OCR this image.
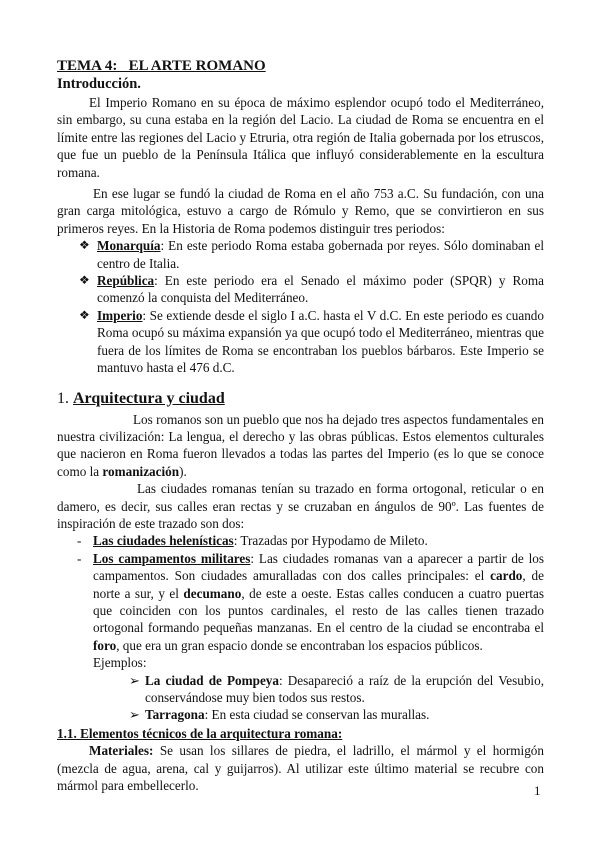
TEMA 4:   EL ARTE ROMANO
Introducción.

El Imperio Romano en su época de máximo esplendor ocupó todo el Mediterráneo, sin embargo, su cuna estaba en la región del Lacio. La ciudad de Roma se encuentra en el límite entre las regiones del Lacio y Etruria, otra región de Italia gobernada por los etruscos, que fue un pueblo de la Península Itálica que influyó considerablemente en la escultura romana.

En ese lugar se fundó la ciudad de Roma en el año 753 a.C. Su fundación, con una gran carga mitológica, estuvo a cargo de Rómulo y Remo, que se convirtieron en sus primeros reyes. En la Historia de Roma podemos distinguir tres periodos:

❖ Monarquía: En este periodo Roma estaba gobernada por reyes. Sólo dominaban el centro de Italia.
❖ República: En este periodo era el Senado el máximo poder (SPQR) y Roma comenzó la conquista del Mediterráneo.
❖ Imperio: Se extiende desde el siglo I a.C. hasta el V d.C. En este periodo es cuando Roma ocupó su máxima expansión ya que ocupó todo el Mediterráneo, mientras que fuera de los límites de Roma se encontraban los pueblos bárbaros. Este Imperio se mantuvo hasta el 476 d.C.
1. Arquitectura y ciudad

Los romanos son un pueblo que nos ha dejado tres aspectos fundamentales en nuestra civilización: La lengua, el derecho y las obras públicas. Estos elementos culturales que nacieron en Roma fueron llevados a todas las partes del Imperio (es lo que se conoce como la romanización).

Las ciudades romanas tenían su trazado en forma ortogonal, reticular o en damero, es decir, sus calles eran rectas y se cruzaban en ángulos de 90º. Las fuentes de inspiración de este trazado son dos:

- Las ciudades helenísticas: Trazadas por Hypodamo de Mileto.
- Los campamentos militares: Las ciudades romanas van a aparecer a partir de los campamentos. Son ciudades amuralladas con dos calles principales: el cardo, de norte a sur, y el decumano, de este a oeste. Estas calles conducen a cuatro puertas que coinciden con los puntos cardinales, el resto de las calles tienen trazado ortogonal formando pequeñas manzanas. En el centro de la ciudad se encontraba el foro, que era un gran espacio donde se encontraban los espacios públicos.
Ejemplos:
➢ La ciudad de Pompeya: Desapareció a raíz de la erupción del Vesubio, conservándose muy bien todos sus restos.
➢ Tarragona: En esta ciudad se conservan las murallas.
1.1. Elementos técnicos de la arquitectura romana:

Materiales: Se usan los sillares de piedra, el ladrillo, el mármol y el hormigón (mezcla de agua, arena, cal y guijarros). Al utilizar este último material se recubre con mármol para embellecerlo.	1
